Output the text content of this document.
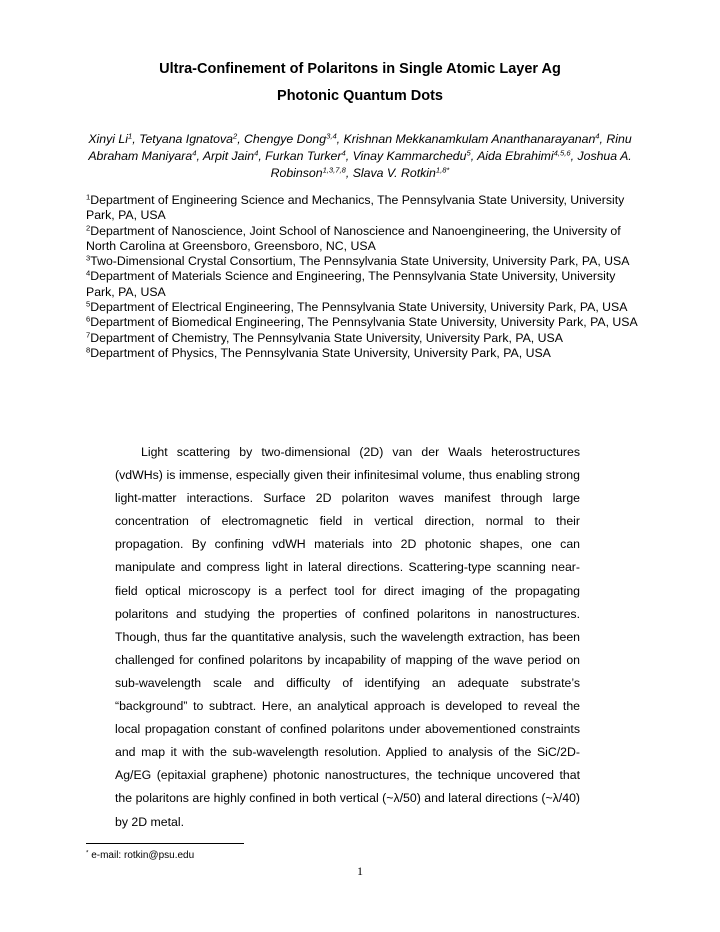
Ultra-Confinement of Polaritons in Single Atomic Layer Ag
Photonic Quantum Dots
Xinyi Li$^1$, Tetyana Ignatova$^2$, Chengye Dong$^{3,4}$, Krishnan Mekkanamkulam Ananthanarayanan$^4$, Rinu Abraham Maniyara$^4$, Arpit Jain$^4$, Furkan Turker$^4$, Vinay Kammarchedu$^5$, Aida Ebrahimi$^{4,5,6}$, Joshua A. Robinson$^{1,3,7,8}$, Slava V. Rotkin$^{1,8*}$
$^1$Department of Engineering Science and Mechanics, The Pennsylvania State University, University Park, PA, USA
$^2$Department of Nanoscience, Joint School of Nanoscience and Nanoengineering, the University of North Carolina at Greensboro, Greensboro, NC, USA
$^3$Two-Dimensional Crystal Consortium, The Pennsylvania State University, University Park, PA, USA
$^4$Department of Materials Science and Engineering, The Pennsylvania State University, University Park, PA, USA
$^5$Department of Electrical Engineering, The Pennsylvania State University, University Park, PA, USA
$^6$Department of Biomedical Engineering, The Pennsylvania State University, University Park, PA, USA
$^7$Department of Chemistry, The Pennsylvania State University, University Park, PA, USA
$^8$Department of Physics, The Pennsylvania State University, University Park, PA, USA

Light scattering by two-dimensional (2D) van der Waals heterostructures (vdWHs) is immense, especially given their infinitesimal volume, thus enabling strong light-matter interactions. Surface 2D polariton waves manifest through large concentration of electromagnetic field in vertical direction, normal to their propagation. By confining vdWH materials into 2D photonic shapes, one can manipulate and compress light in lateral directions. Scattering-type scanning near-field optical microscopy is a perfect tool for direct imaging of the propagating polaritons and studying the properties of confined polaritons in nanostructures. Though, thus far the quantitative analysis, such the wavelength extraction, has been challenged for confined polaritons by incapability of mapping of the wave period on sub-wavelength scale and difficulty of identifying an adequate substrate’s “background” to subtract. Here, an analytical approach is developed to reveal the local propagation constant of confined polaritons under abovementioned constraints and map it with the sub-wavelength resolution. Applied to analysis of the SiC/2D-Ag/EG (epitaxial graphene) photonic nanostructures, the technique uncovered that the polaritons are highly confined in both vertical (~λ/50) and lateral directions (~λ/40) by 2D metal.

* e-mail: rotkin@psu.edu
1
